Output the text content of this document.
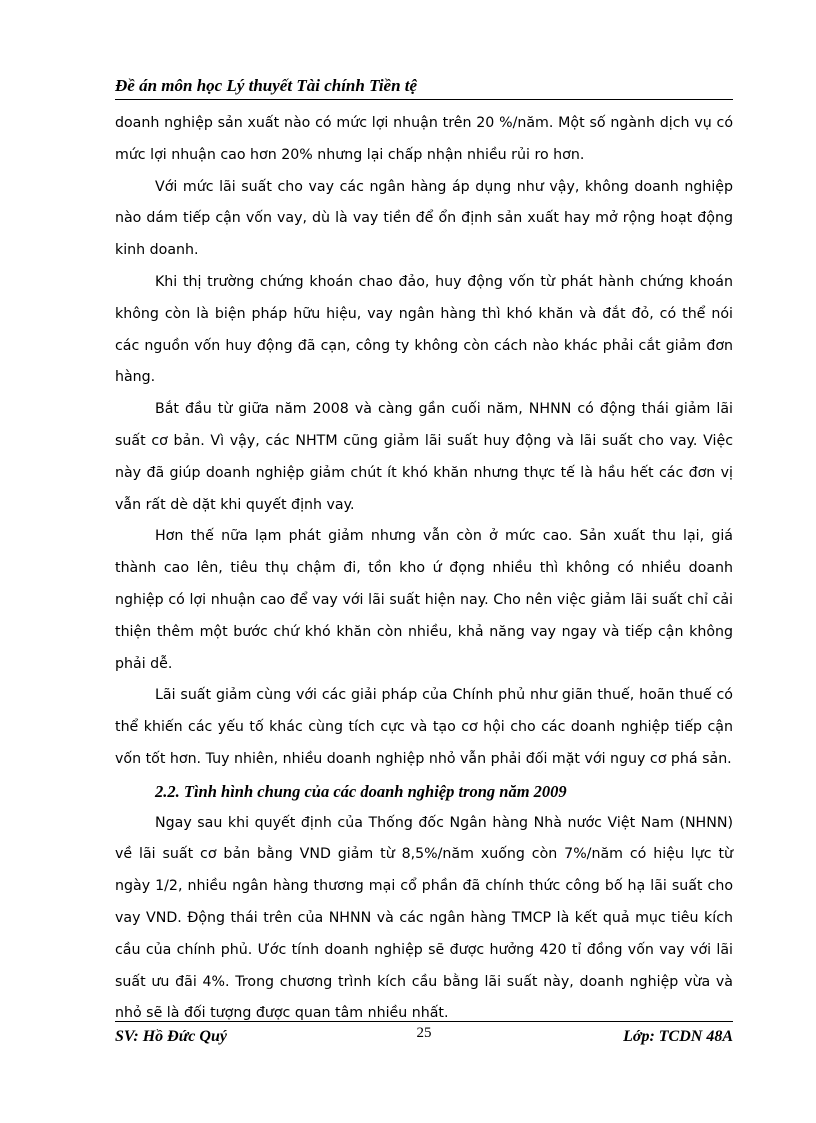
Đề án môn học Lý thuyết Tài chính Tiền tệ

doanh nghiệp sản xuất nào có mức lợi nhuận trên 20 %/năm. Một số ngành dịch vụ có mức lợi nhuận cao hơn 20% nhưng lại chấp nhận nhiều rủi ro hơn.

Với mức lãi suất cho vay các ngân hàng áp dụng như vậy, không doanh nghiệp nào dám tiếp cận vốn vay, dù là vay tiền để ổn định sản xuất hay mở rộng hoạt động kinh doanh.

Khi thị trường chứng khoán chao đảo, huy động vốn từ phát hành chứng khoán không còn là biện pháp hữu hiệu, vay ngân hàng thì khó khăn và đắt đỏ, có thể nói các nguồn vốn huy động đã cạn, công ty không còn cách nào khác phải cắt giảm đơn hàng.

Bắt đầu từ giữa năm 2008 và càng gần cuối năm, NHNN có động thái giảm lãi suất cơ bản. Vì vậy, các NHTM cũng giảm lãi suất huy động và lãi suất cho vay. Việc này đã giúp doanh nghiệp giảm chút ít khó khăn nhưng thực tế là hầu hết các đơn vị vẫn rất dè dặt khi quyết định vay.

Hơn thế nữa lạm phát giảm nhưng vẫn còn ở mức cao. Sản xuất thu lại, giá thành cao lên, tiêu thụ chậm đi, tồn kho ứ đọng nhiều thì không có nhiều doanh nghiệp có lợi nhuận cao để vay với lãi suất hiện nay. Cho nên việc giảm lãi suất chỉ cải thiện thêm một bước chứ khó khăn còn nhiều, khả năng vay ngay và tiếp cận không phải dễ.

Lãi suất giảm cùng với các giải pháp của Chính phủ như giãn thuế, hoãn thuế có thể khiến các yếu tố khác cùng tích cực và tạo cơ hội cho các doanh nghiệp tiếp cận vốn tốt hơn. Tuy nhiên, nhiều doanh nghiệp nhỏ vẫn phải đối mặt với nguy cơ phá sản.

2.2. Tình hình chung của các doanh nghiệp trong năm 2009

Ngay sau khi quyết định của Thống đốc Ngân hàng Nhà nước Việt Nam (NHNN) về lãi suất cơ bản bằng VND giảm từ 8,5%/năm xuống còn 7%/năm có hiệu lực từ ngày 1/2, nhiều ngân hàng thương mại cổ phần đã chính thức công bố hạ lãi suất cho vay VND. Động thái trên của NHNN và các ngân hàng TMCP là kết quả mục tiêu kích cầu của chính phủ. Ước tính doanh nghiệp sẽ được hưởng 420 tỉ đồng vốn vay với lãi suất ưu đãi 4%. Trong chương trình kích cầu bằng lãi suất này, doanh nghiệp vừa và nhỏ sẽ là đối tượng được quan tâm nhiều nhất.

SV: Hồ Đức Quý	25	Lớp: TCDN 48A
